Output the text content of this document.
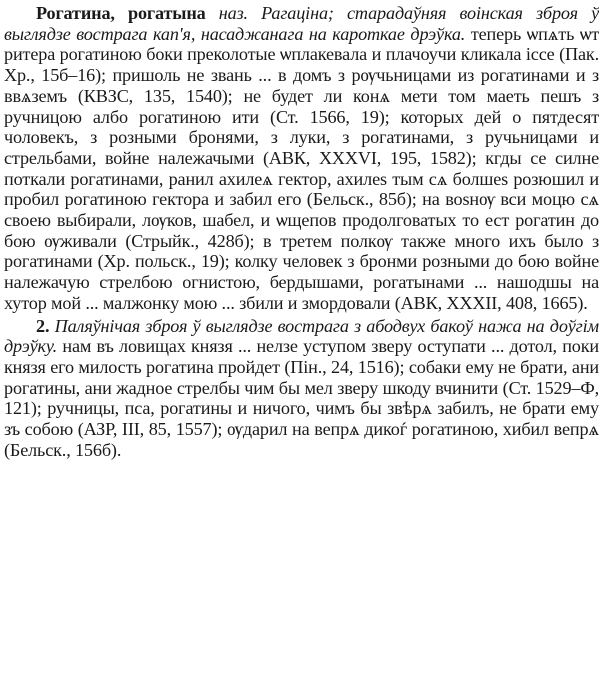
Рогатина, рогатына наз. Рагаціна; старадаўняя воінская зброя ў выглядзе вострага кап'я, насаджанага на кароткае дрэўка. теперь ѡпѧть ѡт ритера рогатиною боки преколотые ѡплакевала и плачоучи кликала ісcе (Пак. Хр., 15б–16); пришоль не звань ... в домъ з рѹчьницами из рогатинами и з ввѧземъ (КВЗС, 135, 1540); не будет ли конѧ мети том маеть пешъ з ручницою албо рогатиною ити (Ст. 1566, 19); которых дей о пятдесят чоловекъ, з розными бронями, з луки, з рогатинами, з ручьницами и стрельбами, войне належачыми (АВК, XXXVI, 195, 1582); кгды се силне поткали рогатинами, ранил ахилеѧ гектор, ахилеѕ тым сѧ болшеѕ розюшил и пробил рогатиною гектора и забил его (Бельск., 85б); на воѕнѹ вси моцю сѧ своею выбирали, лѹков, шабел, и ѡщепов продолговатых то ест рогатин до бою ѹживали (Стрыйк., 428б); в третем полкѹ также много ихъ было з рогатинами (Хр. польск., 19); колку человек з бронми розными до бою войне належачую стрелбою огнистою, бердышами, рогатынами ... нашодшы на хутор мой ... малжонку мою ... збили и змордовали (АВК, XXXII, 408, 1665).

2. Паляўнічая зброя ў выглядзе вострага з абодвух бакоў нажа на доўгім дрэўку. нам въ ловищах князя ... нелзе уступом зверу оступати ... дотол, поки князя его милость рогатина пройдет (Пін., 24, 1516); собаки ему не брати, ани рогатины, ани жадное стрелбы чим бы мел зверу шкоду вчинити (Ст. 1529–Ф, 121); ручницы, пса, рогатины и ничого, чимъ бы звѣрѧ забилъ, не брати ему зъ собою (АЗР, III, 85, 1557); ѹдарил на вепрѧ дикоѓ рогатиною, хибил вепрѧ (Бельск., 156б).
